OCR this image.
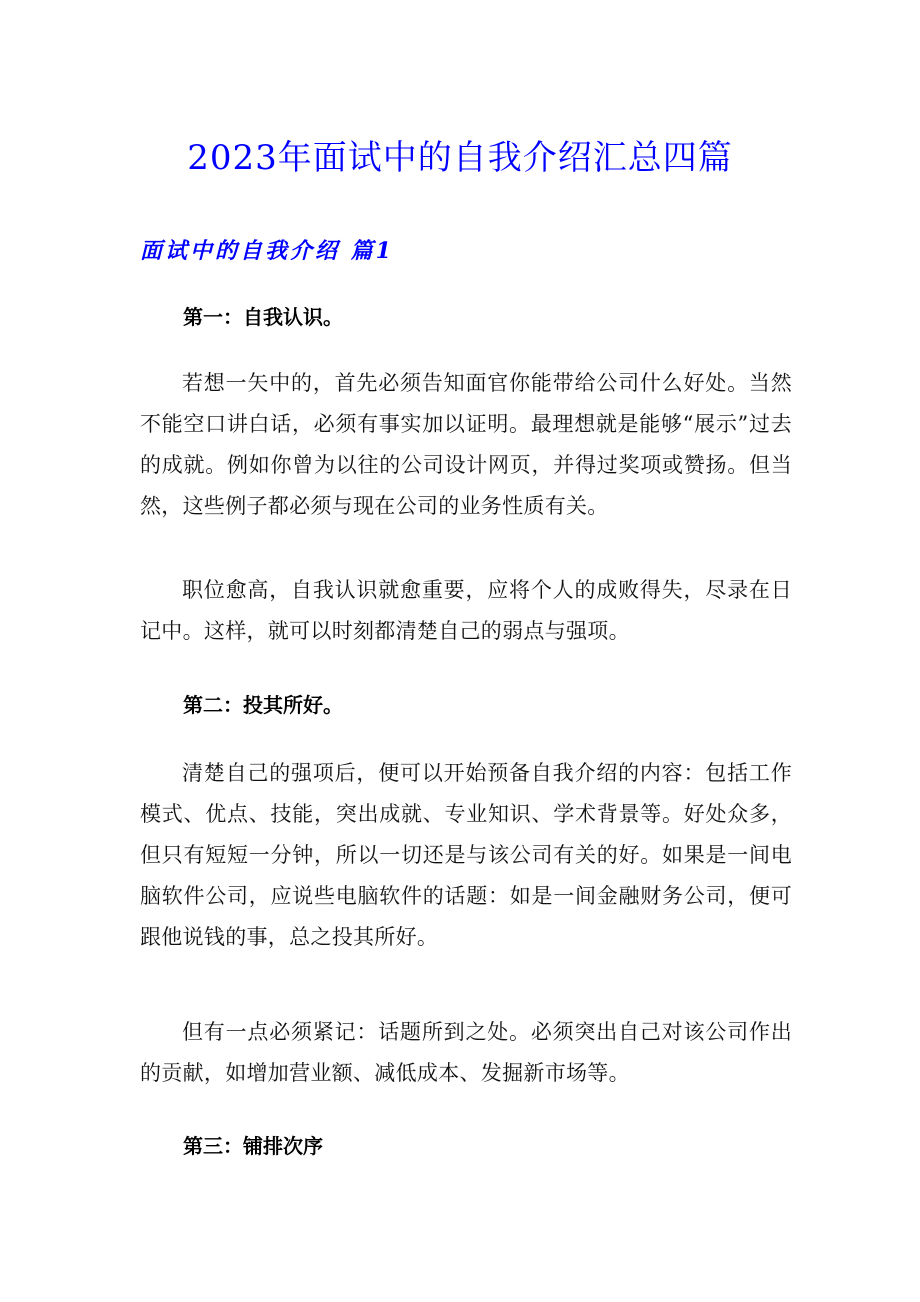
2023年面试中的自我介绍汇总四篇
面试中的自我介绍 篇1
第一：自我认识。

若想一矢中的，首先必须告知面官你能带给公司什么好处。当然不能空口讲白话，必须有事实加以证明。最理想就是能够“展示”过去的成就。例如你曾为以往的公司设计网页，并得过奖项或赞扬。但当然，这些例子都必须与现在公司的业务性质有关。

职位愈高，自我认识就愈重要，应将个人的成败得失，尽录在日记中。这样，就可以时刻都清楚自己的弱点与强项。

第二：投其所好。

清楚自己的强项后，便可以开始预备自我介绍的内容：包括工作模式、优点、技能，突出成就、专业知识、学术背景等。好处众多，但只有短短一分钟，所以一切还是与该公司有关的好。如果是一间电脑软件公司，应说些电脑软件的话题：如是一间金融财务公司，便可跟他说钱的事，总之投其所好。

但有一点必须紧记：话题所到之处。必须突出自己对该公司作出的贡献，如增加营业额、减低成本、发掘新市场等。

第三：铺排次序
